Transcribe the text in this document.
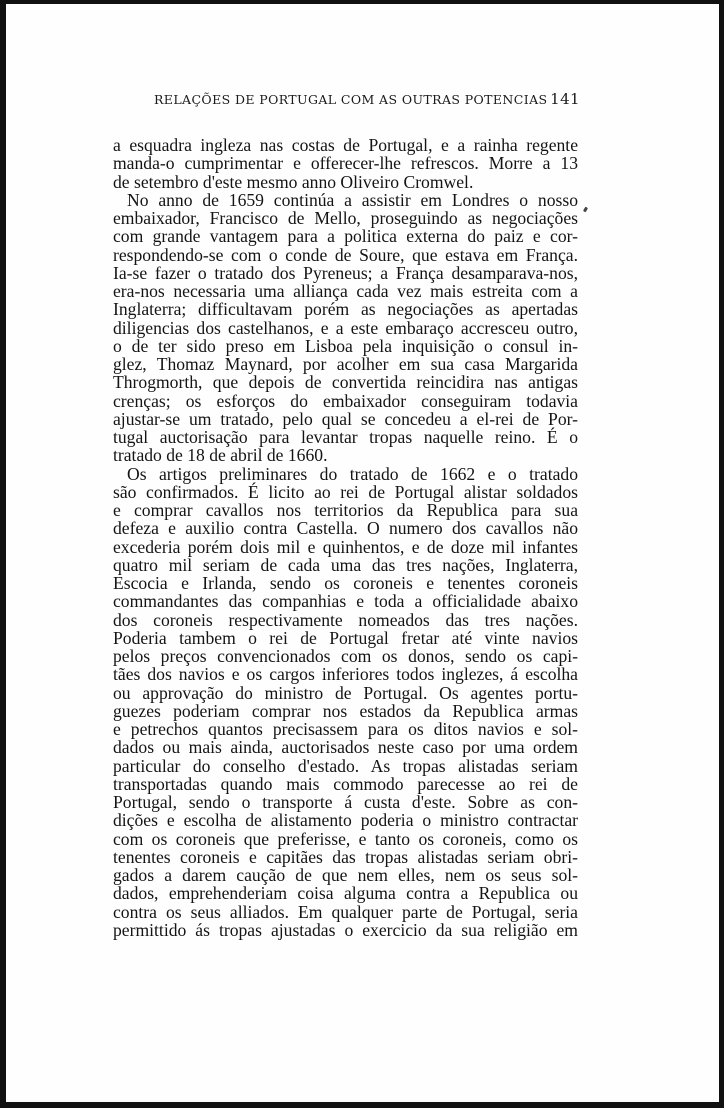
RELAÇÕES DE PORTUGAL COM AS OUTRAS POTENCIAS 141
a esquadra ingleza nas costas de Portugal, e a rainha regente
manda-o cumprimentar e offerecer-lhe refrescos. Morre a 13
de setembro d'este mesmo anno Oliveiro Cromwel.
No anno de 1659 continúa a assistir em Londres o nosso
embaixador, Francisco de Mello, proseguindo as negociações
com grande vantagem para a politica externa do paiz e cor-
respondendo-se com o conde de Soure, que estava em França.
Ia-se fazer o tratado dos Pyreneus; a França desamparava-nos,
era-nos necessaria uma alliança cada vez mais estreita com a
Inglaterra; difficultavam porém as negociações as apertadas
diligencias dos castelhanos, e a este embaraço accresceu outro,
o de ter sido preso em Lisboa pela inquisição o consul in-
glez, Thomaz Maynard, por acolher em sua casa Margarida
Throgmorth, que depois de convertida reincidira nas antigas
crenças; os esforços do embaixador conseguiram todavia
ajustar-se um tratado, pelo qual se concedeu a el-rei de Por-
tugal auctorisação para levantar tropas naquelle reino. É o
tratado de 18 de abril de 1660.
Os artigos preliminares do tratado de 1662 e o tratado
são confirmados. É licito ao rei de Portugal alistar soldados
e comprar cavallos nos territorios da Republica para sua
defeza e auxilio contra Castella. O numero dos cavallos não
excederia porém dois mil e quinhentos, e de doze mil infantes
quatro mil seriam de cada uma das tres nações, Inglaterra,
Escocia e Irlanda, sendo os coroneis e tenentes coroneis
commandantes das companhias e toda a officialidade abaixo
dos coroneis respectivamente nomeados das tres nações.
Poderia tambem o rei de Portugal fretar até vinte navios
pelos preços convencionados com os donos, sendo os capi-
tães dos navios e os cargos inferiores todos inglezes, á escolha
ou approvação do ministro de Portugal. Os agentes portu-
guezes poderiam comprar nos estados da Republica armas
e petrechos quantos precisassem para os ditos navios e sol-
dados ou mais ainda, auctorisados neste caso por uma ordem
particular do conselho d'estado. As tropas alistadas seriam
transportadas quando mais commodo parecesse ao rei de
Portugal, sendo o transporte á custa d'este. Sobre as con-
dições e escolha de alistamento poderia o ministro contractar
com os coroneis que preferisse, e tanto os coroneis, como os
tenentes coroneis e capitães das tropas alistadas seriam obri-
gados a darem caução de que nem elles, nem os seus sol-
dados, emprehenderiam coisa alguma contra a Republica ou
contra os seus alliados. Em qualquer parte de Portugal, seria
permittido ás tropas ajustadas o exercicio da sua religião em
